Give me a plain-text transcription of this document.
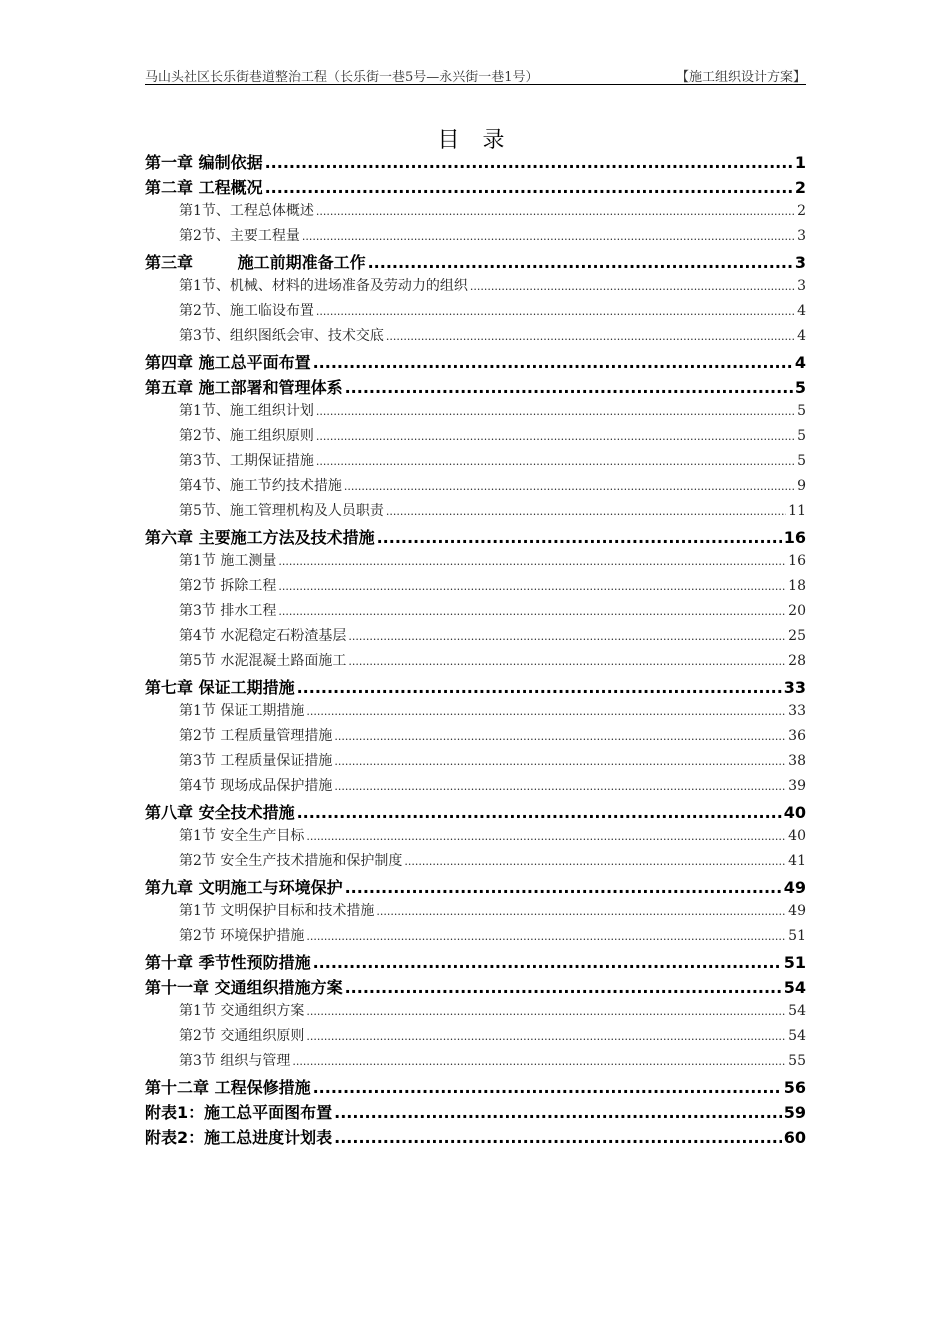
马山头社区长乐街巷道整治工程（长乐街一巷5号—永兴街一巷1号）	【施工组织设计方案】
目 录
第一章 编制依据 .....	1
第二章 工程概况 .....	2
第1节、工程总体概述 .....	2
第2节、主要工程量 .....	3
第三章        施工前期准备工作 .....	3
第1节、机械、材料的进场准备及劳动力的组织 .....	3
第2节、施工临设布置 .....	4
第3节、组织图纸会审、技术交底 .....	4
第四章 施工总平面布置 .....	4
第五章 施工部署和管理体系 .....	5
第1节、施工组织计划 .....	5
第2节、施工组织原则 .....	5
第3节、工期保证措施 .....	5
第4节、施工节约技术措施 .....	9
第5节、施工管理机构及人员职责 .....	11
第六章 主要施工方法及技术措施 .....	16
第1节 施工测量 .....	16
第2节 拆除工程 .....	18
第3节 排水工程 .....	20
第4节 水泥稳定石粉渣基层 .....	25
第5节 水泥混凝土路面施工 .....	28
第七章 保证工期措施 .....	33
第1节 保证工期措施 .....	33
第2节 工程质量管理措施 .....	36
第3节 工程质量保证措施 .....	38
第4节 现场成品保护措施 .....	39
第八章 安全技术措施 .....	40
第1节 安全生产目标 .....	40
第2节 安全生产技术措施和保护制度 .....	41
第九章 文明施工与环境保护 .....	49
第1节 文明保护目标和技术措施 .....	49
第2节 环境保护措施 .....	51
第十章 季节性预防措施 .....	51
第十一章 交通组织措施方案 .....	54
第1节 交通组织方案 .....	54
第2节 交通组织原则 .....	54
第3节 组织与管理 .....	55
第十二章 工程保修措施 .....	56
附表1：施工总平面图布置 .....	59
附表2：施工总进度计划表 .....	60
